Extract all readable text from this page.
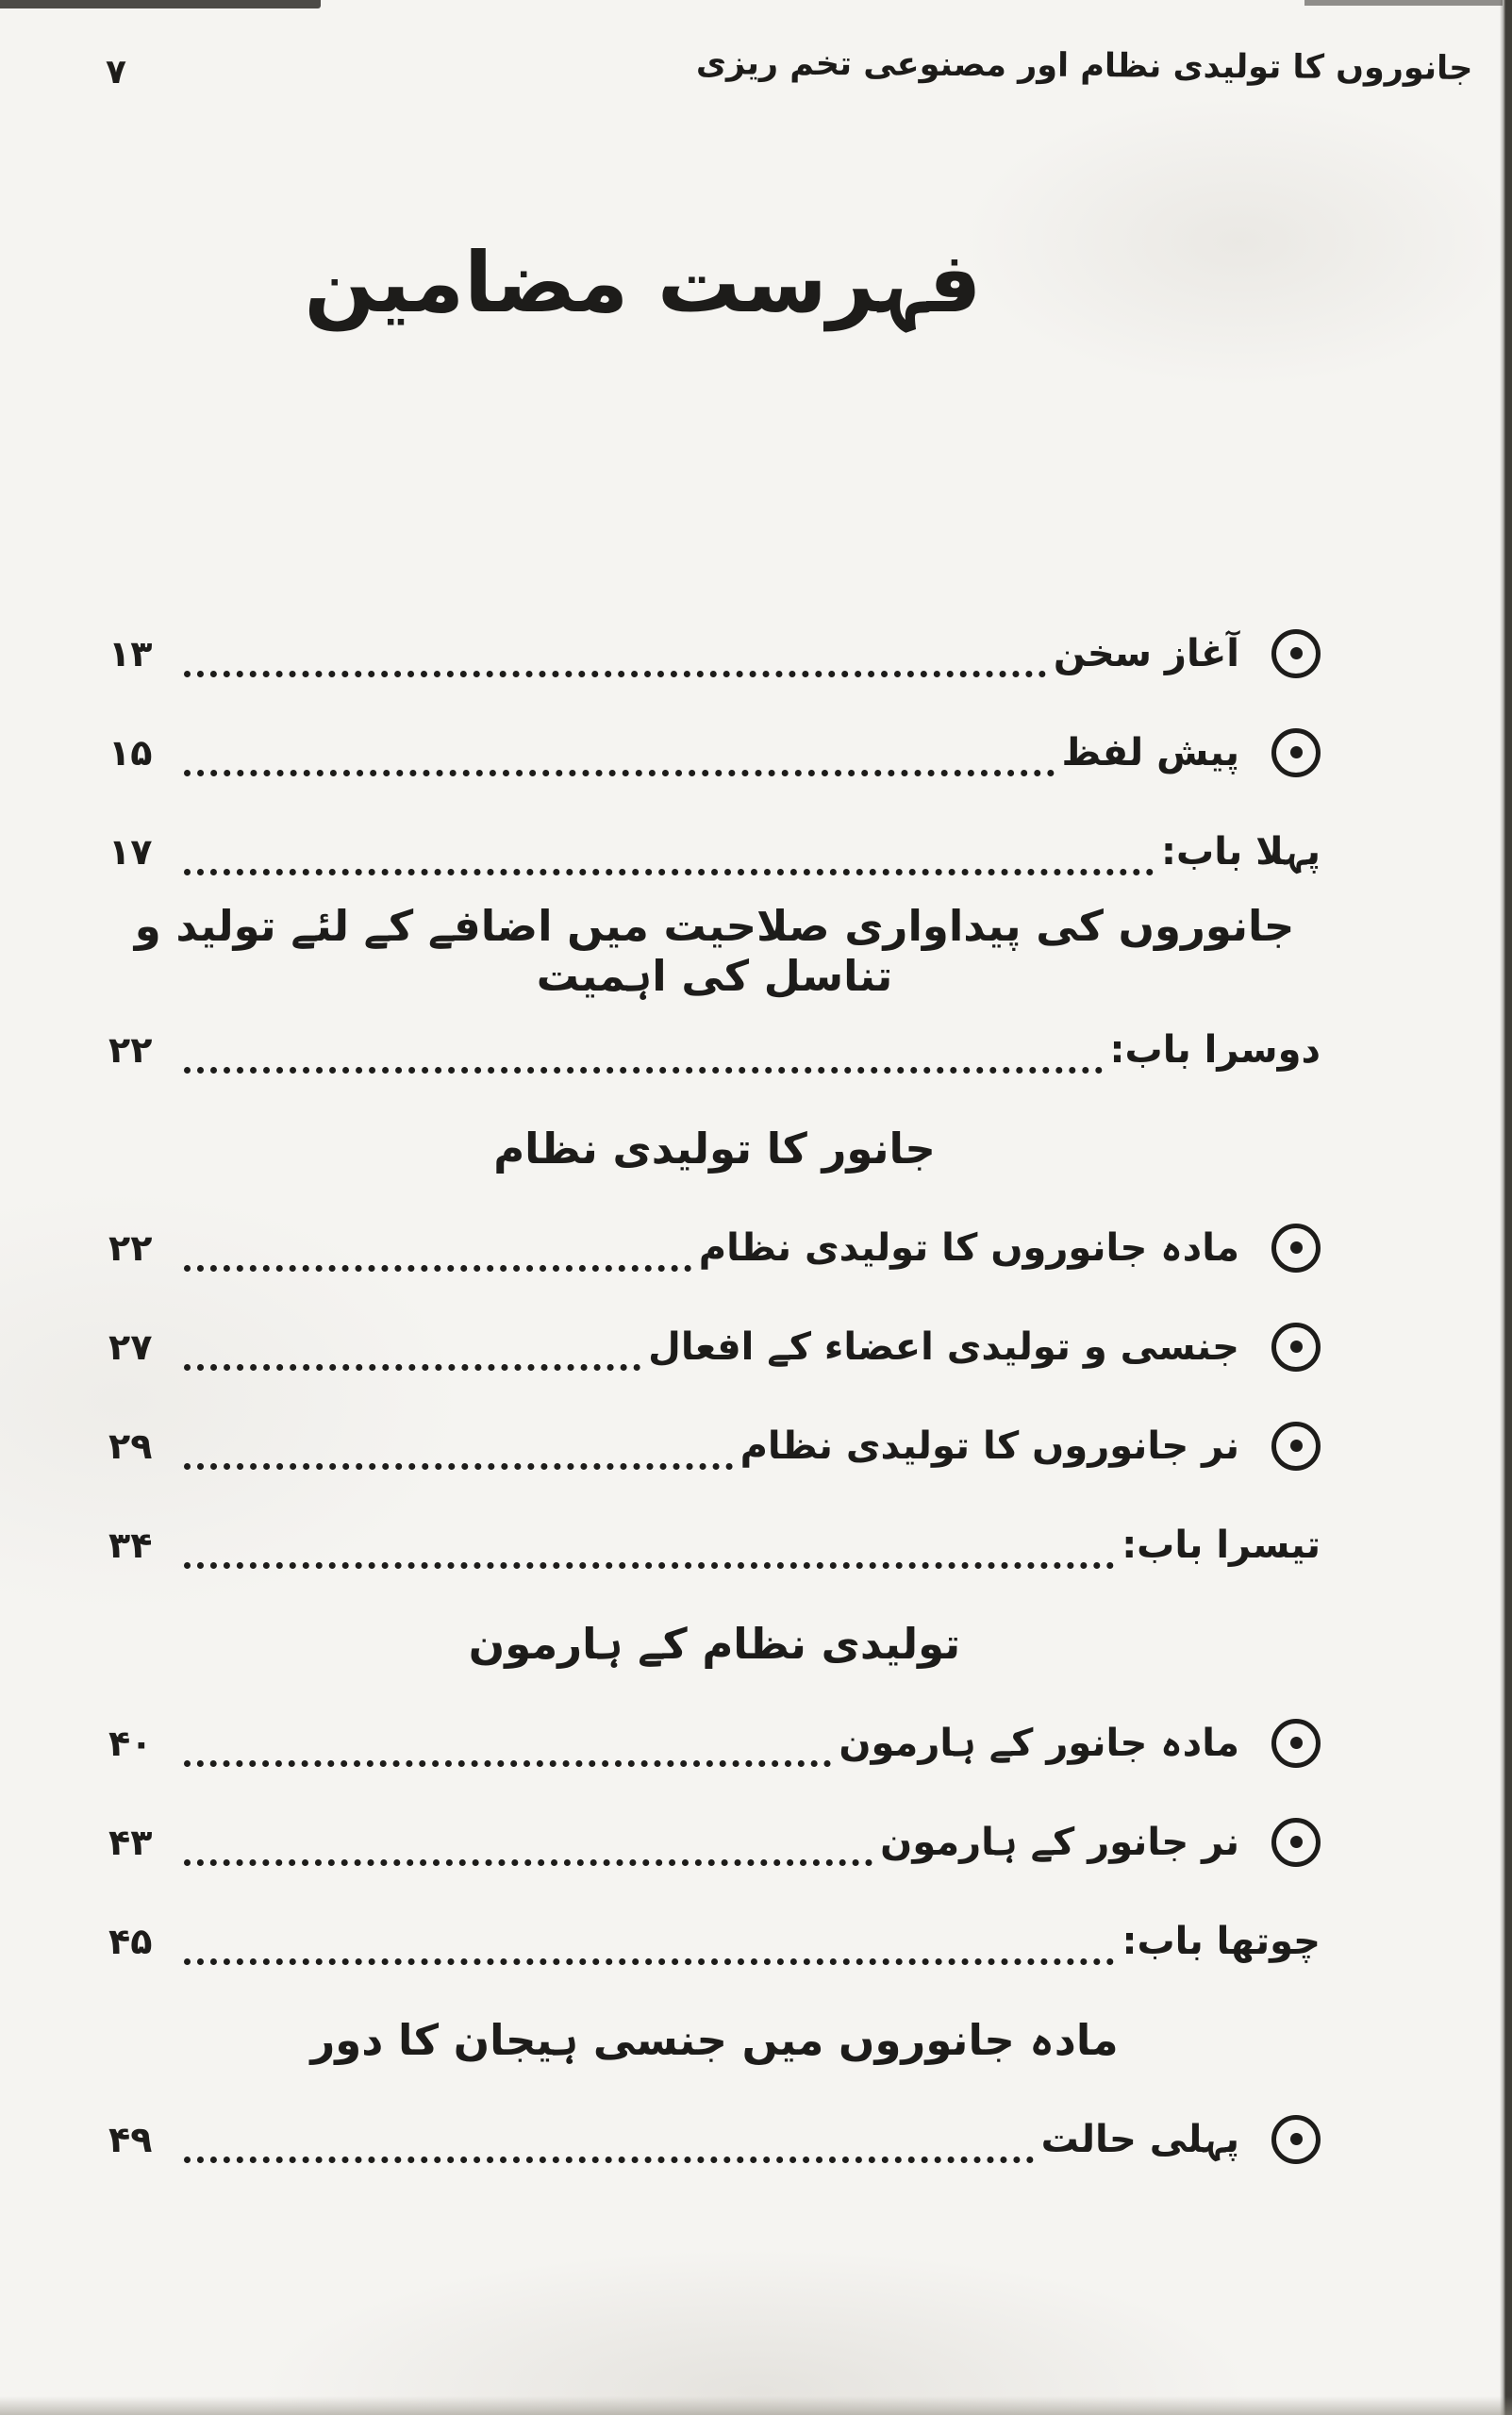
جانوروں کا تولیدی نظام اور مصنوعی تخم ریزی
۷
فہرست مضامین
آغاز سخن
۱۳
پیش لفظ
۱۵
پہلا باب:
۱۷
جانوروں کی پیداواری صلاحیت میں اضافے کے لئے تولید و تناسل کی اہمیت
دوسرا باب:
۲۲
جانور کا تولیدی نظام
مادہ جانوروں کا تولیدی نظام
۲۲
جنسی و تولیدی اعضاء کے افعال
۲۷
نر جانوروں کا تولیدی نظام
۲۹
تیسرا باب:
۳۴
تولیدی نظام کے ہارمون
مادہ جانور کے ہارمون
۴۰
نر جانور کے ہارمون
۴۳
چوتھا باب:
۴۵
مادہ جانوروں میں جنسی ہیجان کا دور
پہلی حالت
۴۹
